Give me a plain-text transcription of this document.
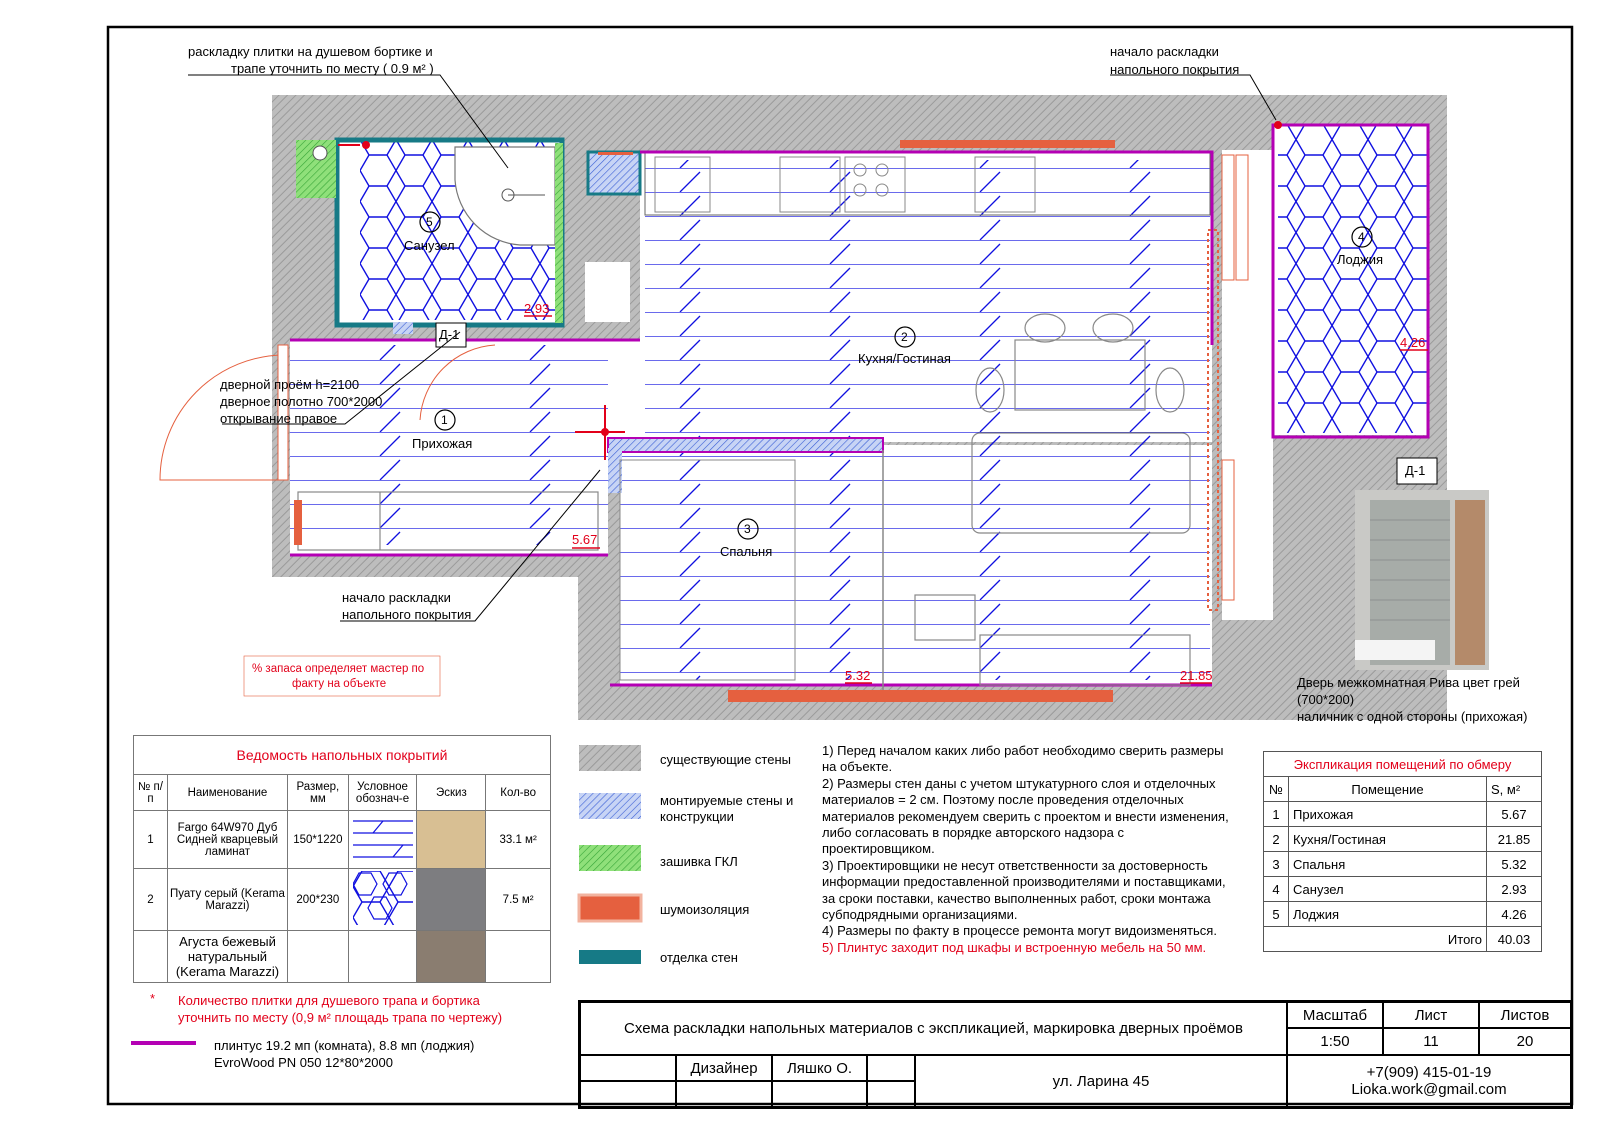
раскладку плитки на душевом бортике и
трапе уточнить по месту ( 0.9 м² )
начало раскладки
напольного покрытия
дверной проём h=2100
дверное полотно 700*2000
открывание правое
начало раскладки
напольного покрытия
% запаса определяет мастер по
факту на объекте
1
Прихожая
5.67
2
Кухня/Гостиная
21.85
3
Спальня
5.32
4
Лоджия
4.26
5
Санузел
2.93
Д-1
Д-1
Дверь межкомнатная Рива цвет грей
(700*200)
наличник с одной стороны (прихожая)
Ведомость напольных покрытий					
№ п/п	Наименование	Размер, мм	Условное обознач-е	Эскиз	Кол-во
1	Fargo 64W970 Дуб Сидней кварцевый ламинат	150*1220			33.1 м²
2	Пуату серый (Kerama Marazzi)	200*230			7.5 м²
	Агуста бежевый натуральный (Kerama Marazzi)				
существующие стены
монтируемые стены и конструкции
зашивка ГКЛ
шумоизоляция
отделка стен
1) Перед началом каких либо работ необходимо сверить размеры
на объекте.
2) Размеры стен даны с учетом штукатурного слоя и отделочных
материалов = 2 см. Поэтому после проведения отделочных
материалов рекомендуем сверить с проектом и внести изменения,
либо согласовать в порядке авторского надзора с
проектировщиком.
3) Проектировщики не несут ответственности за достоверность
информации предоставленной производителями и поставщиками,
за сроки поставки, качество выполненных работ, сроки монтажа
субподрядными организациями.
4) Размеры по факту в процессе ремонта могут видоизменяться.
5) Плинтус заходит под шкафы и встроенную мебель на 50 мм.
Экспликация помещений по обмеру		
№	Помещение	S, м²
1	Прихожая	5.67
2	Кухня/Гостиная	21.85
3	Спальня	5.32
4	Санузел	2.93
5	Лоджия	4.26
Итого		40.03
* Количество плитки для душевого трапа и бортика
уточнить по месту (0,9 м² площадь трапа по чертежу)
плинтус 19.2 мп (комната), 8.8 мп (лоджия)
EvroWood PN 050 12*80*2000
Схема раскладки напольных материалов с экспликацией, маркировка дверных проёмов
Масштаб	Лист	Листов
1:50	11	20
Дизайнер	Ляшко О.
ул. Ларина 45	+7(909) 415-01-19
Lioka.work@gmail.com
